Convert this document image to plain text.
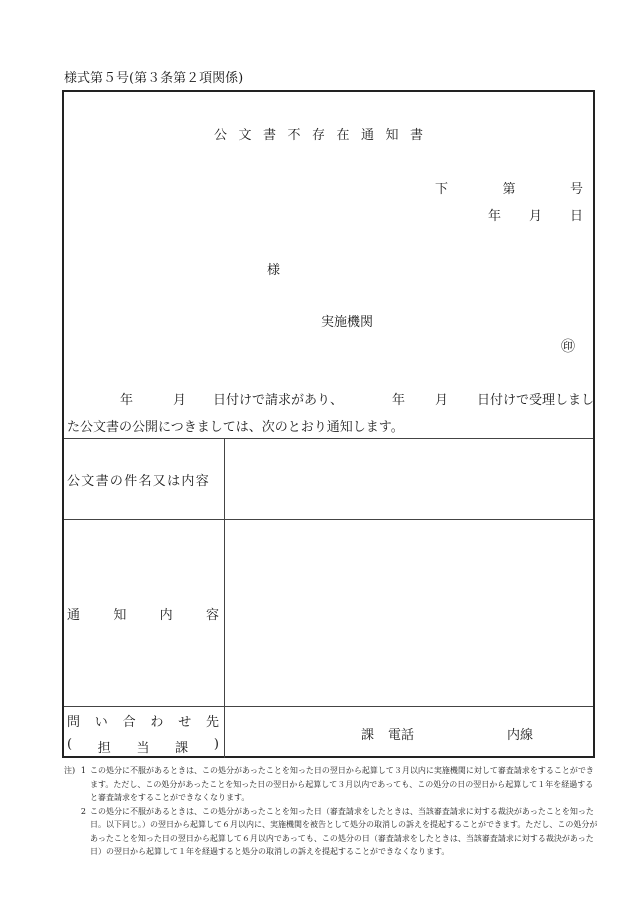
様式第５号(第３条第２項関係)
公文書不存在通知書
下	第	号
年 月 日
様
実施機関
㊞
年	月 日付けで請求があり、	年 月 日付けで受理しまし
た公文書の公開につきましては、次のとおり通知します。
公文書の件名又は内容
通	知	内	容
問 い 合 わ せ 先
( 担 当 課 )
課 電話	内線
注) 1 この処分に不服があるときは、この処分があったことを知った日の翌日から起算して３月以内に実施機関に対して審査請求をすることができます。ただし、この処分があったことを知った日の翌日から起算して３月以内であっても、この処分の日の翌日から起算して１年を経過すると審査請求をすることができなくなります。
2 この処分に不服があるときは、この処分があったことを知った日（審査請求をしたときは、当該審査請求に対する裁決があったことを知った日。以下同じ。）の翌日から起算して６月以内に、実施機関を被告として処分の取消しの訴えを提起することができます。ただし、この処分があったことを知った日の翌日から起算して６月以内であっても、この処分の日（審査請求をしたときは、当該審査請求に対する裁決があった日）の翌日から起算して１年を経過すると処分の取消しの訴えを提起することができなくなります。
